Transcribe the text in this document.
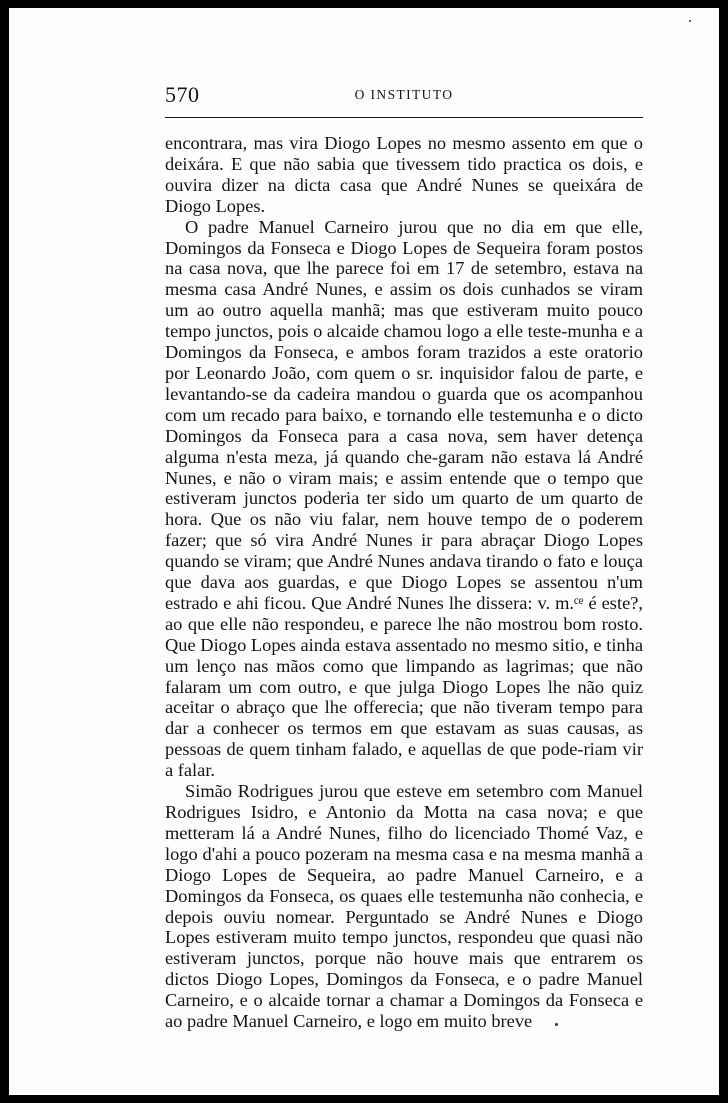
570	O INSTITUTO

encontrara, mas vira Diogo Lopes no mesmo assento em que o deixára. E que não sabia que tivessem tido practica os dois, e ouvira dizer na dicta casa que André Nunes se queixára de Diogo Lopes.

O padre Manuel Carneiro jurou que no dia em que elle, Domingos da Fonseca e Diogo Lopes de Sequeira foram postos na casa nova, que lhe parece foi em 17 de setembro, estava na mesma casa André Nunes, e assim os dois cunhados se viram um ao outro aquella manhã; mas que estiveram muito pouco tempo junctos, pois o alcaide chamou logo a elle teste-munha e a Domingos da Fonseca, e ambos foram trazidos a este oratorio por Leonardo João, com quem o sr. inquisidor falou de parte, e levantando-se da cadeira mandou o guarda que os acompanhou com um recado para baixo, e tornando elle testemunha e o dicto Domingos da Fonseca para a casa nova, sem haver detença alguma n'esta meza, já quando che-garam não estava lá André Nunes, e não o viram mais; e assim entende que o tempo que estiveram junctos poderia ter sido um quarto de um quarto de hora. Que os não viu falar, nem houve tempo de o poderem fazer; que só vira André Nunes ir para abraçar Diogo Lopes quando se viram; que André Nunes andava tirando o fato e louça que dava aos guardas, e que Diogo Lopes se assentou n'um estrado e ahi ficou. Que André Nunes lhe dissera: v. m.ᶜᵉ é este?, ao que elle não respondeu, e parece lhe não mostrou bom rosto. Que Diogo Lopes ainda estava assentado no mesmo sitio, e tinha um lenço nas mãos como que limpando as lagrimas; que não falaram um com outro, e que julga Diogo Lopes lhe não quiz aceitar o abraço que lhe offerecia; que não tiveram tempo para dar a conhecer os termos em que estavam as suas causas, as pessoas de quem tinham falado, e aquellas de que pode-riam vir a falar.

Simão Rodrigues jurou que esteve em setembro com Manuel Rodrigues Isidro, e Antonio da Motta na casa nova; e que metteram lá a André Nunes, filho do licenciado Thomé Vaz, e logo d'ahi a pouco pozeram na mesma casa e na mesma manhã a Diogo Lopes de Sequeira, ao padre Manuel Carneiro, e a Domingos da Fonseca, os quaes elle testemunha não conhecia, e depois ouviu nomear. Perguntado se André Nunes e Diogo Lopes estiveram muito tempo junctos, respondeu que quasi não estiveram junctos, porque não houve mais que entrarem os dictos Diogo Lopes, Domingos da Fonseca, e o padre Manuel Carneiro, e o alcaide tornar a chamar a Domingos da Fonseca e ao padre Manuel Carneiro, e logo em muito breve
